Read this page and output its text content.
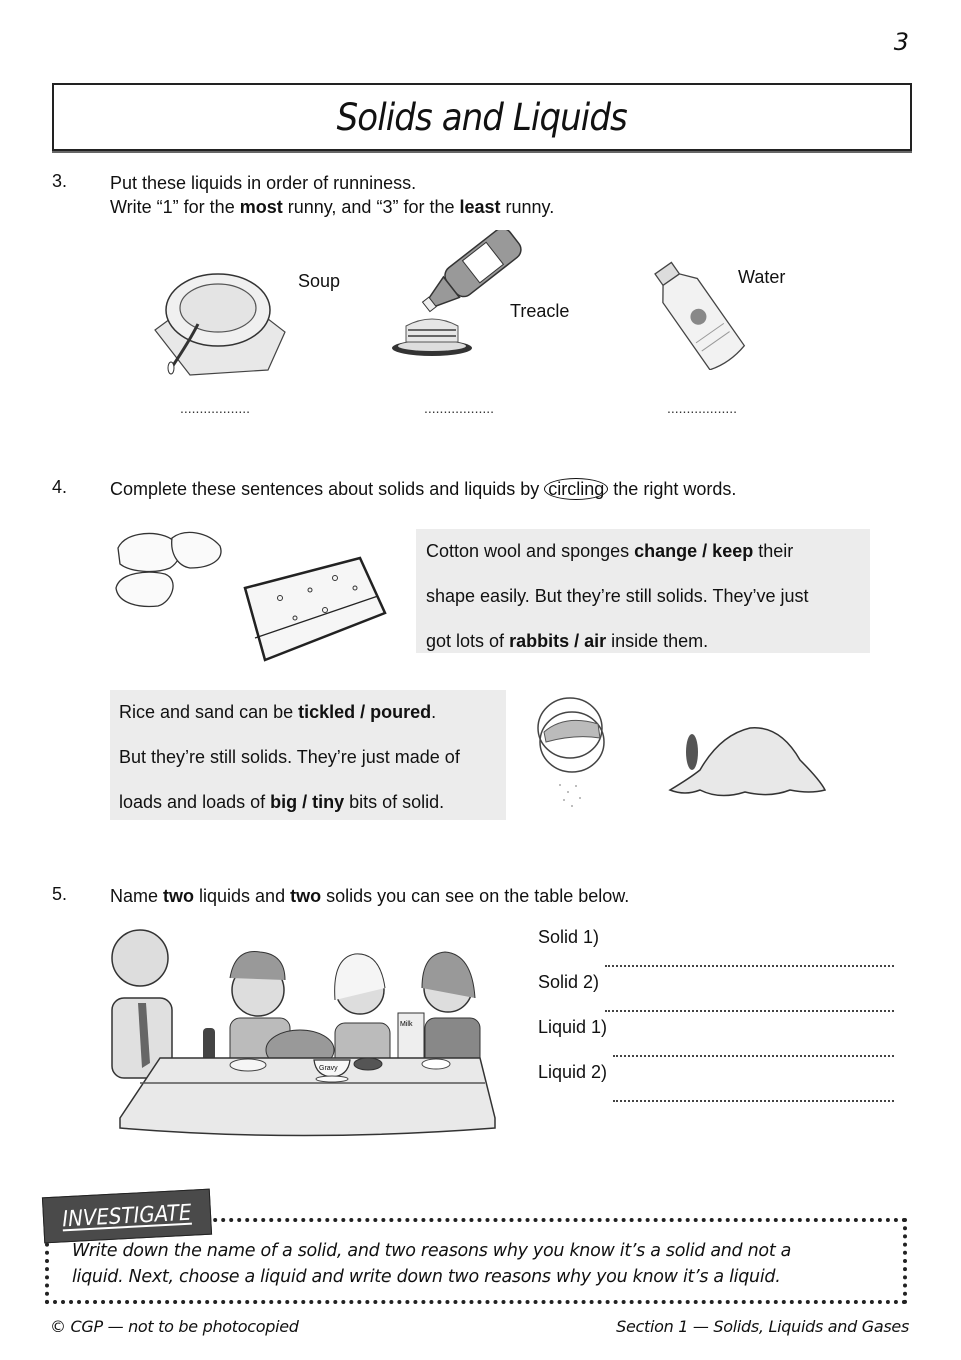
3
Solids and Liquids
3. Put these liquids in order of runniness.
Write “1” for the most runny, and “3” for the least runny.
Soup
..................
Treacle
..................
Water
..................
4. Complete these sentences about solids and liquids by circling the right words.

Cotton wool and sponges change / keep their

shape easily. But they’re still solids. They’ve just

got lots of rabbits / air inside them.

Rice and sand can be tickled / poured.

But they’re still solids. They’re just made of

loads and loads of big / tiny bits of solid.

5. Name two liquids and two solids you can see on the table below.
Milk
Gravy
Solid 1)
Solid 2)
Liquid 1)
Liquid 2)
INVESTIGATE
Write down the name of a solid, and two reasons why you know it’s a solid and not a
liquid. Next, choose a liquid and write down two reasons why you know it’s a liquid.
© CGP — not to be photocopied	Section 1 — Solids, Liquids and Gases
